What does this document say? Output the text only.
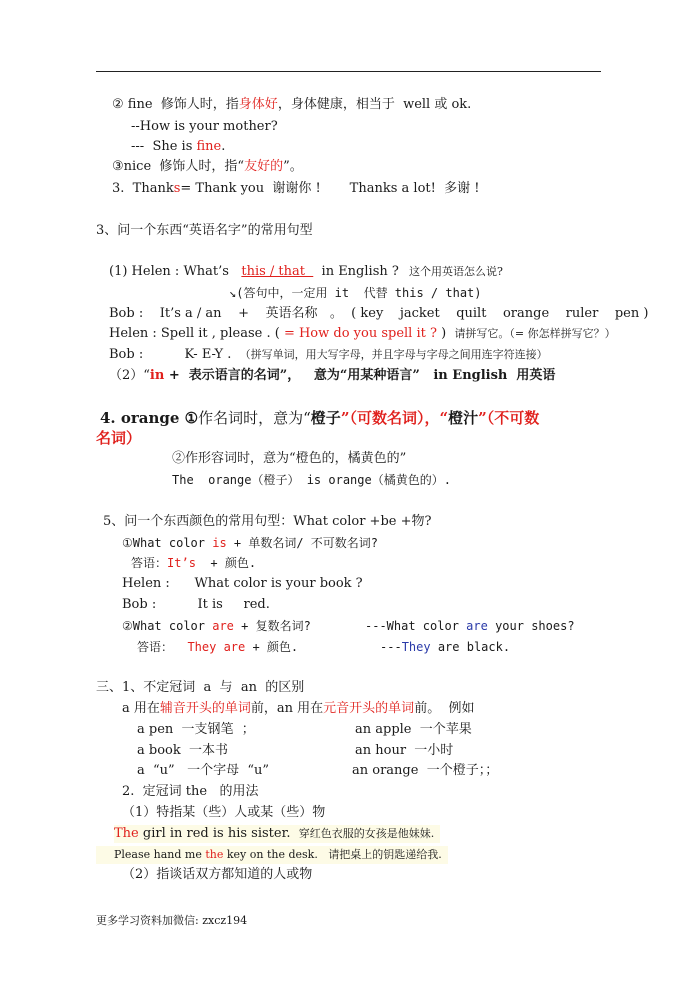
② fine  修饰人时，指身体好，身体健康，相当于  well 或 ok.
--How is your mother?
---  She is fine.
③nice  修饰人时，指“友好的”。
3.  Thanks= Thank you  谢谢你 !       Thanks a lot!  多谢 !
3、问一个东西“英语名字”的常用句型
(1) Helen : What’s   this / that    in English ? 这个用英语怎么说?
↘(答句中，一定用 it  代替 this / that)
Bob :    It’s a / an    +    英语名称   。  ( key    jacket    quilt    orange    ruler    pen )
Helen : Spell it , please . ( = How do you spell it ? )  请拼写它。（= 你怎样拼写它？）
Bob :          K- E-Y .  （拼写单词，用大写字母，并且字母与字母之间用连字符连接）
（2）“in +  表示语言的名词”，   意为“用某种语言”   in English  用英语
4. orange ①作名词时，意为“橙子”（可数名词），“橙汁”（不可数
名词）
②作形容词时，意为“橙色的，橘黄色的”
The  orange（橙子） is orange（橘黄色的）.
5、问一个东西颜色的常用句型：What color +be +物?
①What color is + 单数名词/ 不可数名词?
答语：It’s  + 颜色.
Helen :      What color is your book ?
Bob :          It is     red.
②What color are + 复数名词?	---What color are your shoes?
答语：  They are + 颜色.	---They are black.
三、1、不定冠词  a  与  an  的区别
a 用在辅音开头的单词前，an 用在元音开头的单词前。  例如
a pen  一支钢笔  ；	an apple  一个苹果
a book  一本书	an hour  一小时
a  “u”   一个字母  “u”	an orange  一个橙子；；
2.  定冠词 the   的用法
（1）特指某（些）人或某（些）物
The girl in red is his sister.  穿红色衣服的女孩是他妹妹.
Please hand me the key on the desk.   请把桌上的钥匙递给我.
（2）指谈话双方都知道的人或物
更多学习资料加微信: zxcz194
